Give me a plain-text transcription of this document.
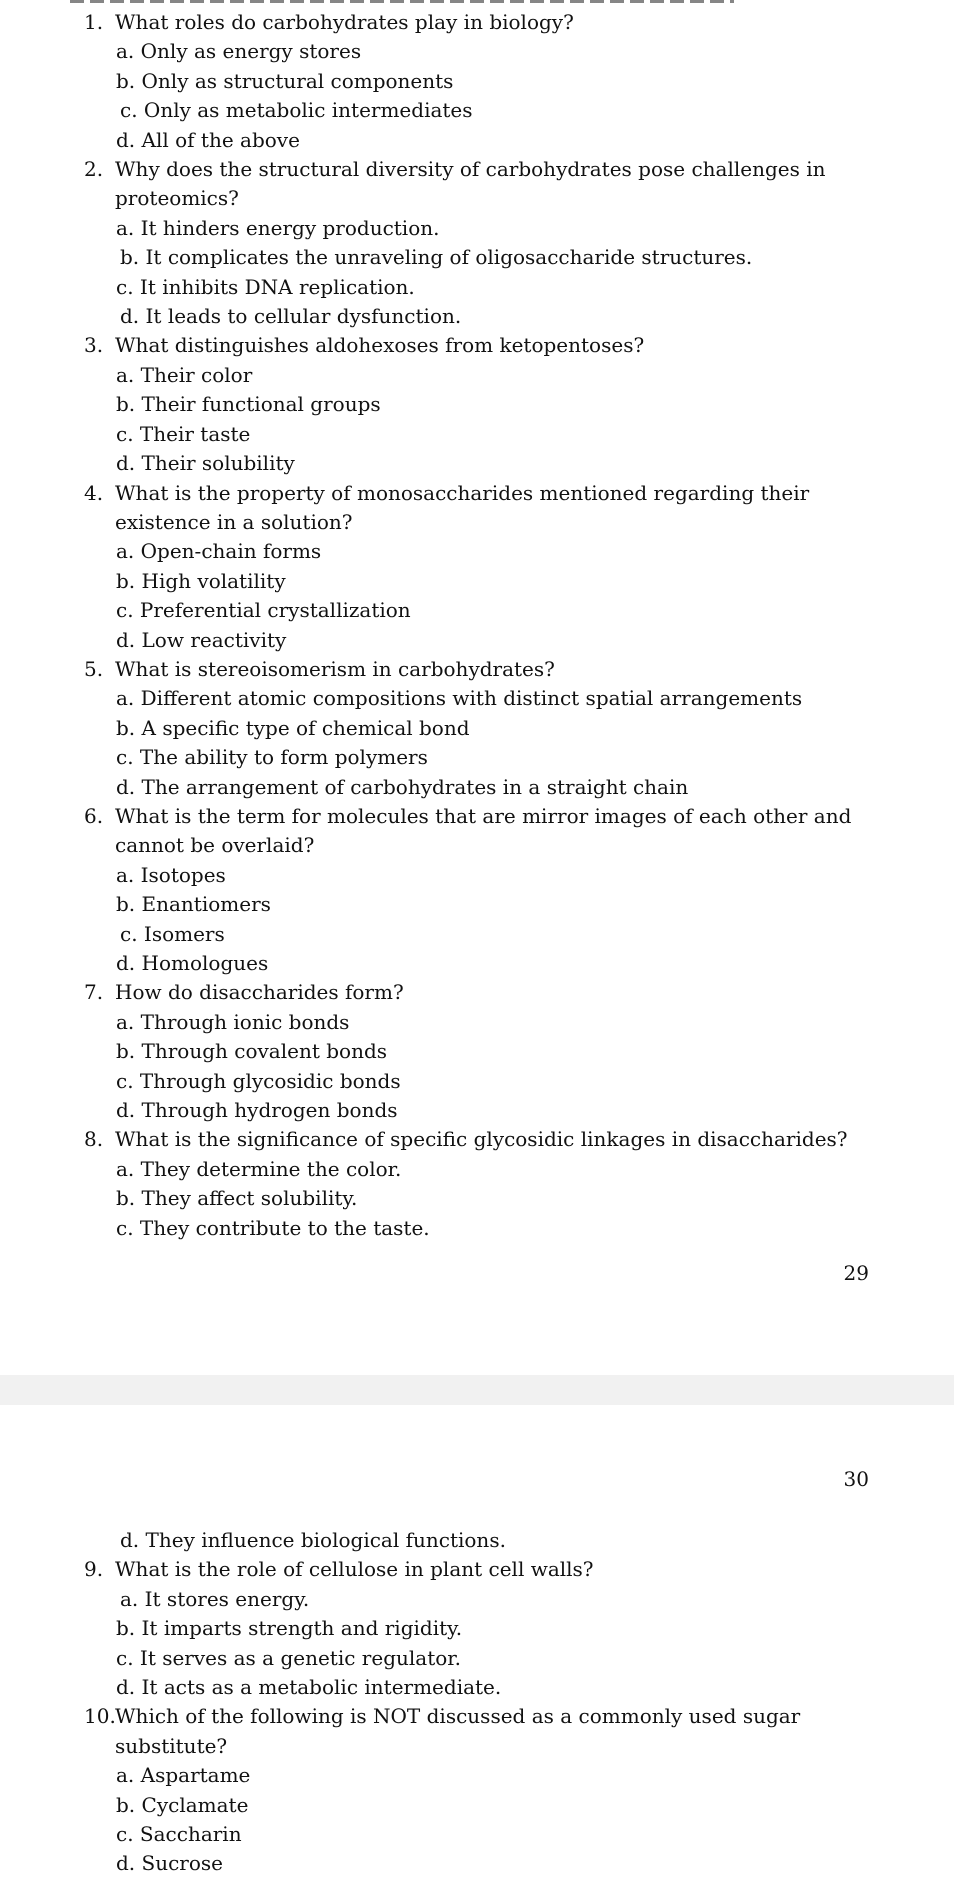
1. What roles do carbohydrates play in biology?
a. Only as energy stores
b. Only as structural components
c. Only as metabolic intermediates
d. All of the above
2. Why does the structural diversity of carbohydrates pose challenges in proteomics?
a. It hinders energy production.
b. It complicates the unraveling of oligosaccharide structures.
c. It inhibits DNA replication.
d. It leads to cellular dysfunction.
3. What distinguishes aldohexoses from ketopentoses?
a. Their color
b. Their functional groups
c. Their taste
d. Their solubility
4. What is the property of monosaccharides mentioned regarding their existence in a solution?
a. Open-chain forms
b. High volatility
c. Preferential crystallization
d. Low reactivity
5. What is stereoisomerism in carbohydrates?
a. Different atomic compositions with distinct spatial arrangements
b. A specific type of chemical bond
c. The ability to form polymers
d. The arrangement of carbohydrates in a straight chain
6. What is the term for molecules that are mirror images of each other and cannot be overlaid?
a. Isotopes
b. Enantiomers
c. Isomers
d. Homologues
7. How do disaccharides form?
a. Through ionic bonds
b. Through covalent bonds
c. Through glycosidic bonds
d. Through hydrogen bonds
8. What is the significance of specific glycosidic linkages in disaccharides?
a. They determine the color.
b. They affect solubility.
c. They contribute to the taste.
29
30
d. They influence biological functions.
9. What is the role of cellulose in plant cell walls?
a. It stores energy.
b. It imparts strength and rigidity.
c. It serves as a genetic regulator.
d. It acts as a metabolic intermediate.
10. Which of the following is NOT discussed as a commonly used sugar substitute?
a. Aspartame
b. Cyclamate
c. Saccharin
d. Sucrose
